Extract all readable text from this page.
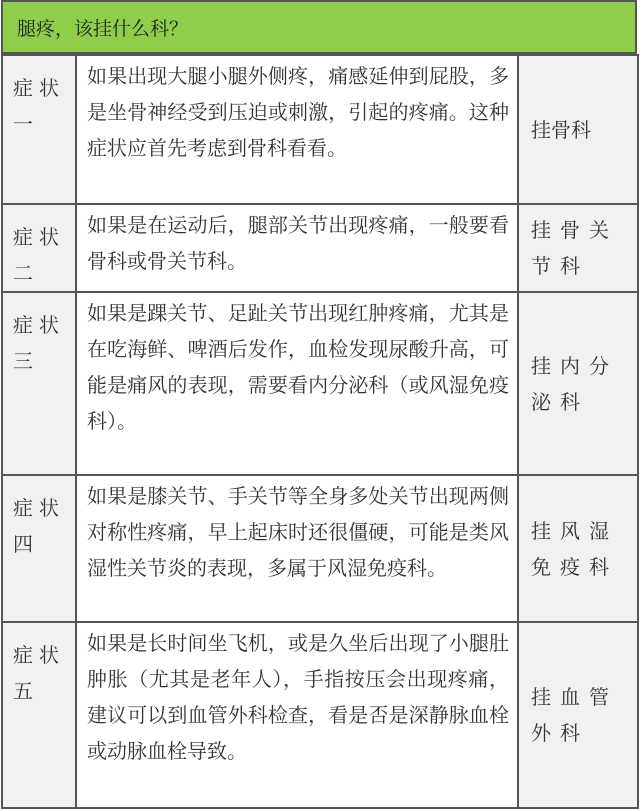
腿疼，该挂什么科？
症状一	如果出现大腿小腿外侧疼，痛感延伸到屁股，多是坐骨神经受到压迫或刺激，引起的疼痛。这种症状应首先考虑到骨科看看。	挂骨科
症状二	如果是在运动后，腿部关节出现疼痛，一般要看骨科或骨关节科。	挂骨关节科
症状三	如果是踝关节、足趾关节出现红肿疼痛，尤其是在吃海鲜、啤酒后发作，血检发现尿酸升高，可能是痛风的表现，需要看内分泌科（或风湿免疫科）。	挂内分泌科
症状四	如果是膝关节、手关节等全身多处关节出现两侧对称性疼痛，早上起床时还很僵硬，可能是类风湿性关节炎的表现，多属于风湿免疫科。	挂风湿免疫科
症状五	如果是长时间坐飞机，或是久坐后出现了小腿肚肿胀（尤其是老年人），手指按压会出现疼痛，建议可以到血管外科检查，看是否是深静脉血栓或动脉血栓导致。	挂血管外科
